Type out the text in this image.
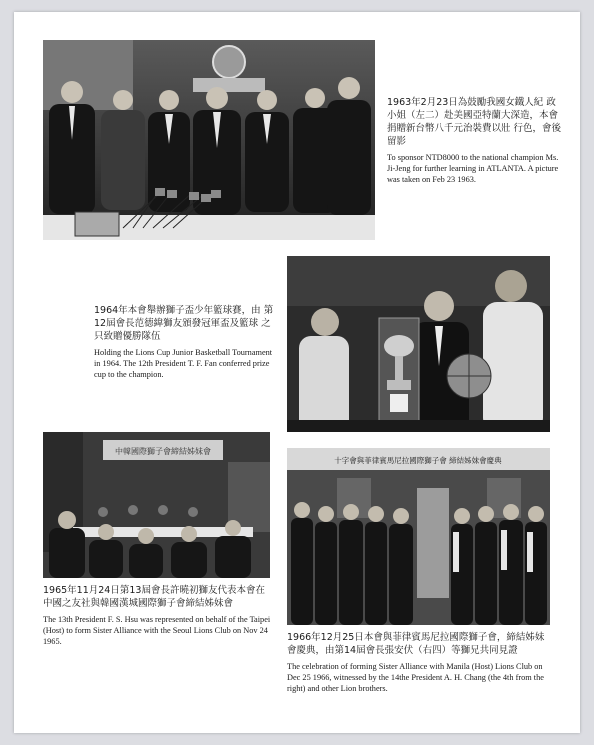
1963年2月23日為鼓勵我國女鐵人紀 政小姐（左二）赴美國亞特蘭大深造，本會捐贈新台幣八千元治裝費以壯 行色，會後留影

To sponsor NTD8000 to the national champion Ms. Ji-Jeng for further learning in ATLANTA. A picture was taken on Feb 23 1963.

1964年本會舉辦獅子盃少年籃球賽，由 第12屆會長范德緯獅友頒發冠軍盃及籃球 之只致贈優勝隊伍

Holding the Lions Cup Junior Basketball Tournament in 1964. The 12th President T. F. Fan conferred prize cup to the champion.

中韓國際獅子會締結姊妹會

1965年11月24日第13屆會長許曉初獅友代表本會在 中國之友社與韓國漢城國際獅子會締結姊妹會

The 13th President F. S. Hsu was represented on behalf of the Taipei (Host) to form Sister Alliance with the Seoul Lions Club on Nov 24 1965.

十字會與菲律賓馬尼拉國際獅子會 締結姊妹會慶典

1966年12月25日本會與菲律賓馬尼拉國際獅子會，締結姊妹 會慶典，由第14屆會長張安伏（右四）等獅兄共同見證

The celebration of forming Sister Alliance with Manila (Host) Lions Club on Dec 25 1966, witnessed by the 14the President A. H. Chang (the 4th from the right) and other Lion brothers.
